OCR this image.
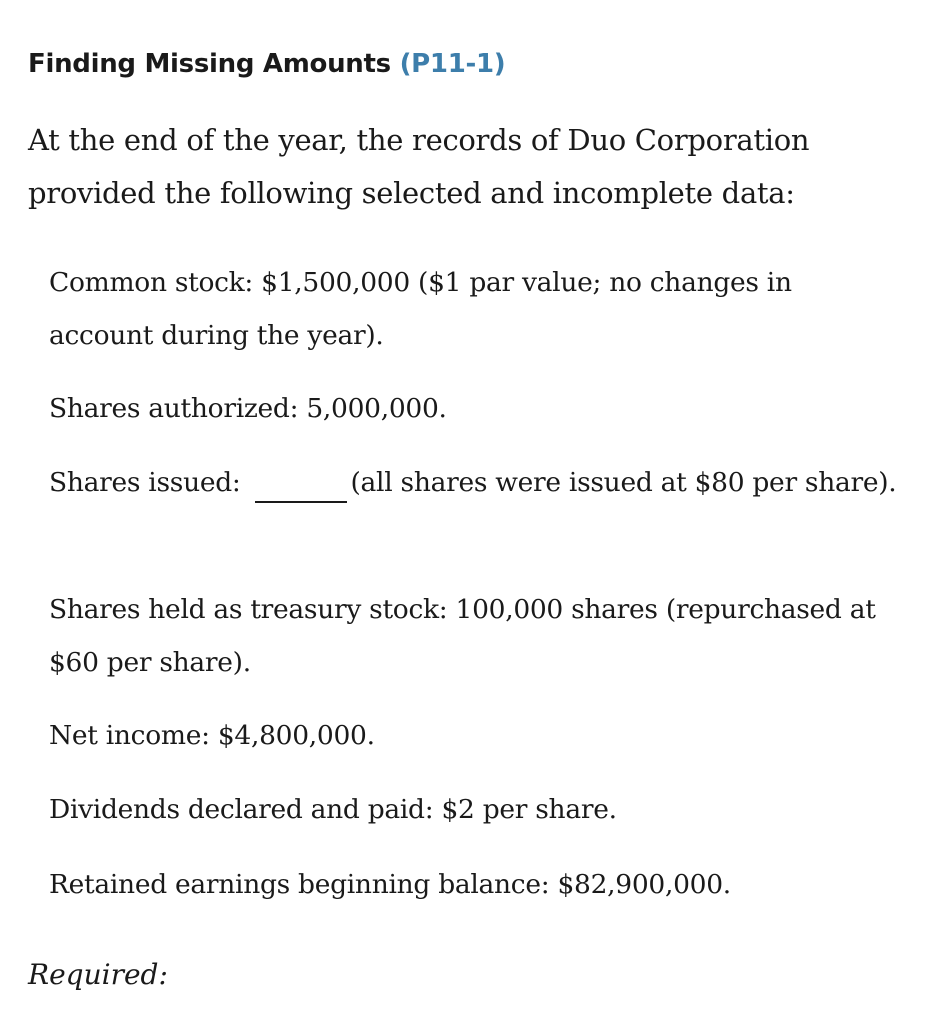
Finding Missing Amounts (P11-1)
At the end of the year, the records of Duo Corporation provided the following selected and incomplete data:
Common stock: $1,500,000 ($1 par value; no changes in account during the year).
Shares authorized: 5,000,000.
Shares issued:	(all shares were issued at $80 per share).
Shares held as treasury stock: 100,000 shares (repurchased at $60 per share).
Net income: $4,800,000.
Dividends declared and paid: $2 per share.
Retained earnings beginning balance: $82,900,000.
Required:
